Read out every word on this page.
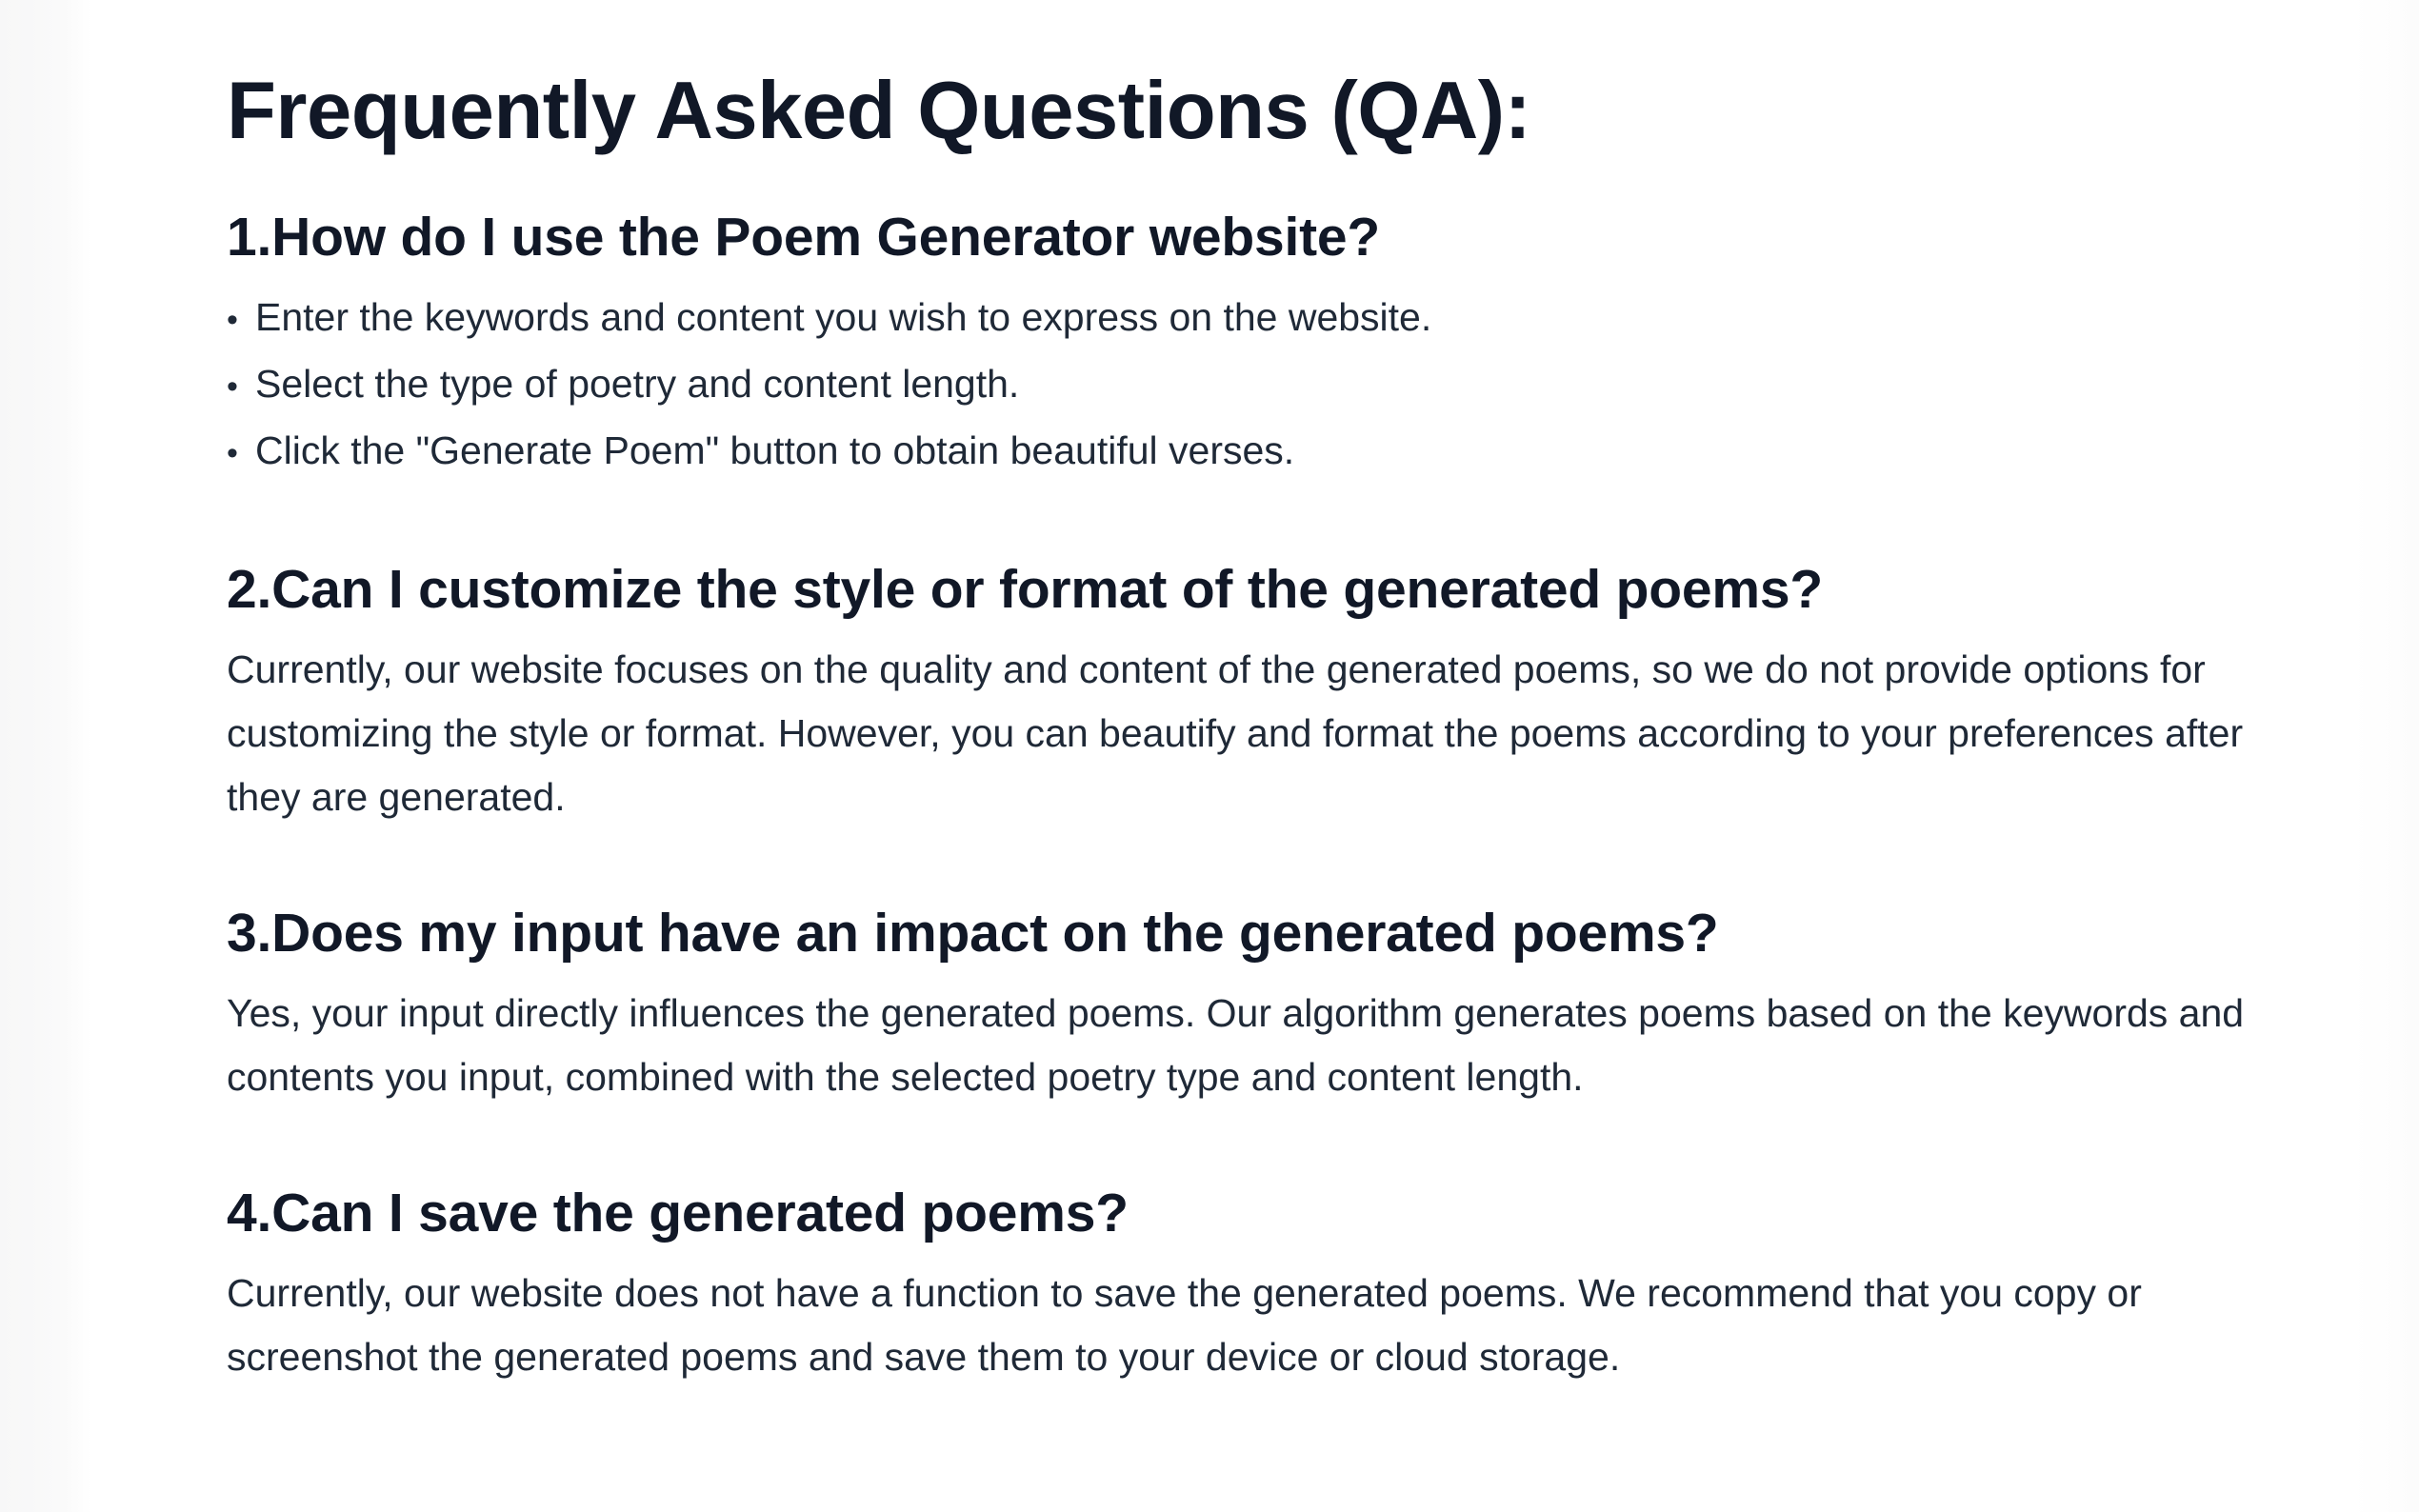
Frequently Asked Questions (QA):
1.How do I use the Poem Generator website?
• Enter the keywords and content you wish to express on the website.
• Select the type of poetry and content length.
• Click the "Generate Poem" button to obtain beautiful verses.
2.Can I customize the style or format of the generated poems?

Currently, our website focuses on the quality and content of the generated poems, so we do not provide options for customizing the style or format. However, you can beautify and format the poems according to your preferences after they are generated.

3.Does my input have an impact on the generated poems?

Yes, your input directly influences the generated poems. Our algorithm generates poems based on the keywords and contents you input, combined with the selected poetry type and content length.

4.Can I save the generated poems?

Currently, our website does not have a function to save the generated poems. We recommend that you copy or screenshot the generated poems and save them to your device or cloud storage.
